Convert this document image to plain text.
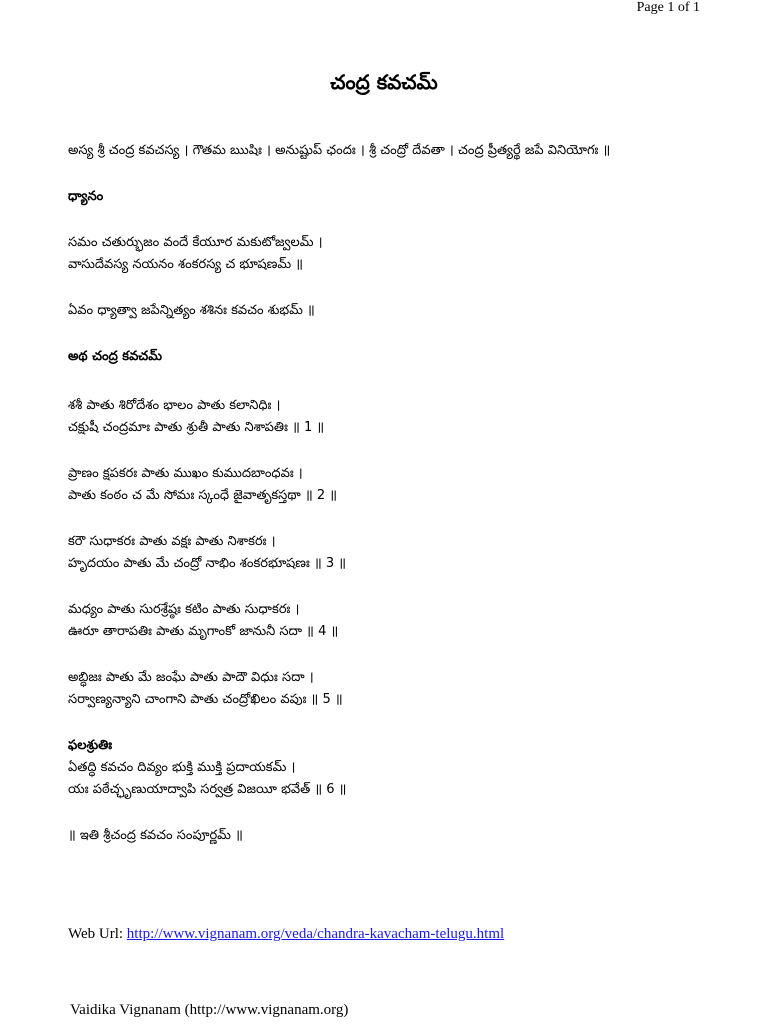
Page 1 of 1
చంద్ర కవచమ్
అస్య శ్రీ చంద్ర కవచస్య । గౌతమ ఋషిః । అనుష్టుప్ ఛందః । శ్రీ చంద్రో దేవతా । చంద్ర ప్రీత్యర్థే జపే వినియోగః ॥
ధ్యానం
సమం చతుర్భుజం వందే కేయూర మకుటోజ్వలమ్ ।
వాసుదేవస్య నయనం శంకరస్య చ భూషణమ్ ॥
ఏవం ధ్యాత్వా జపేన్నిత్యం శశినః కవచం శుభమ్ ॥
అథ చంద్ర కవచమ్
శశీ పాతు శిరోదేశం భాలం పాతు కలానిధిః ।
చక్షుషీ చంద్రమాః పాతు శ్రుతీ పాతు నిశాపతిః ॥ 1 ॥
ప్రాణం క్షపకరః పాతు ముఖం కుముదబాంధవః ।
పాతు కంఠం చ మే సోమః స్కంధే జైవాతృకస్తథా ॥ 2 ॥
కరౌ సుధాకరః పాతు వక్షః పాతు నిశాకరః ।
హృదయం పాతు మే చంద్రో నాభిం శంకరభూషణః ॥ 3 ॥
మధ్యం పాతు సురశ్రేష్ఠః కటిం పాతు సుధాకరః ।
ఊరూ తారాపతిః పాతు మృగాంకో జానునీ సదా ॥ 4 ॥
అబ్ధిజః పాతు మే జంఘే పాతు పాదౌ విధుః సదా ।
సర్వాణ్యన్యాని చాంగాని పాతు చంద్రోఖిలం వపుః ॥ 5 ॥
ఫలశ్రుతిః
ఏతద్ధి కవచం దివ్యం భుక్తి ముక్తి ప్రదాయకమ్ ।
యః పఠేచ్ఛృణుయాద్వాపి సర్వత్ర విజయీ భవేత్ ॥ 6 ॥
॥ ఇతి శ్రీచంద్ర కవచం సంపూర్ణమ్ ॥
Web Url: http://www.vignanam.org/veda/chandra-kavacham-telugu.html
Vaidika Vignanam (http://www.vignanam.org)
